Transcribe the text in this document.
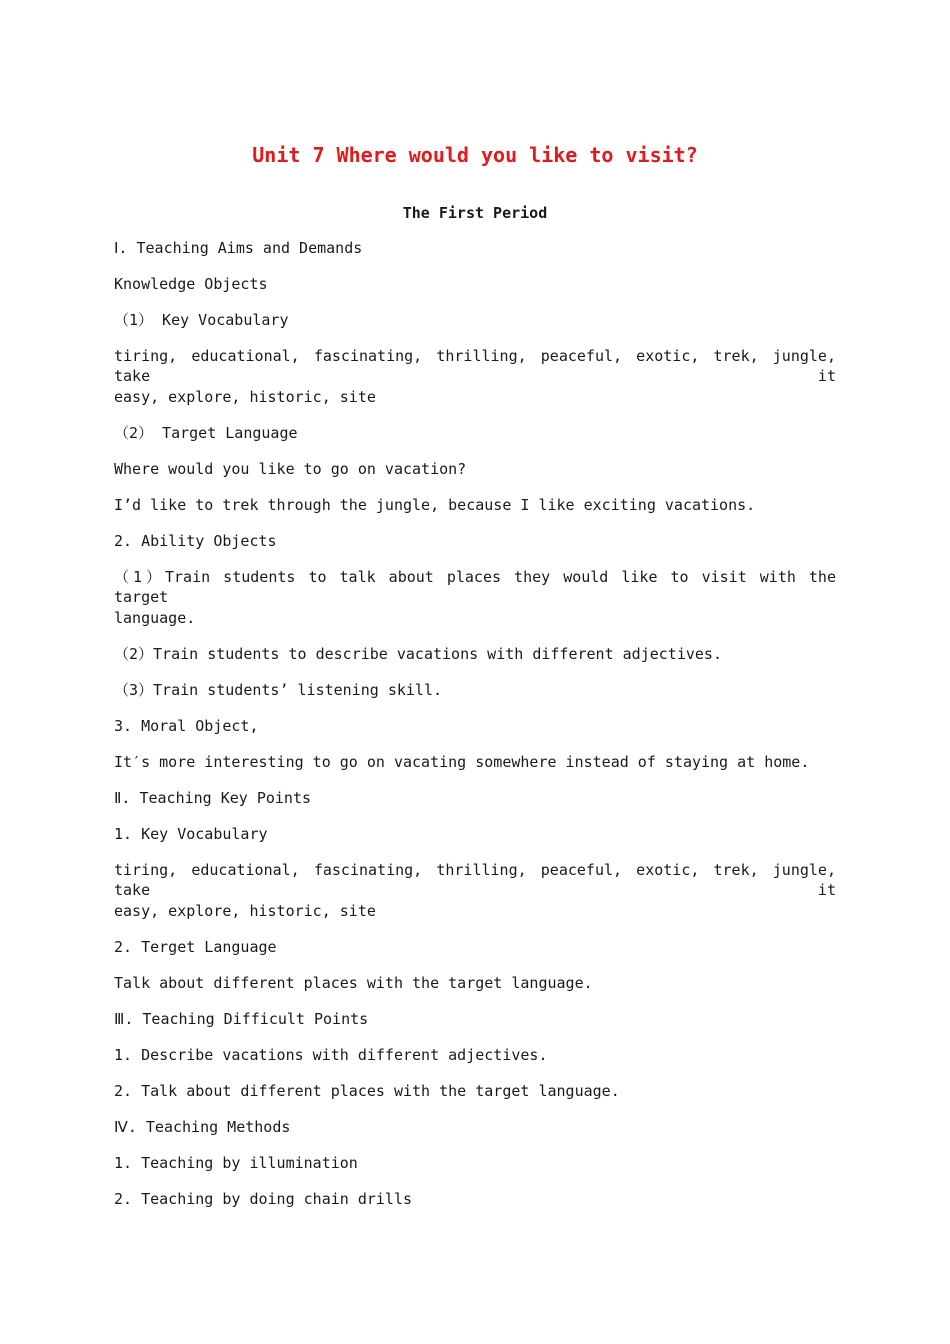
Unit 7 Where would you like to visit?
The First Period
Ⅰ. Teaching Aims and Demands
Knowledge Objects
（1） Key Vocabulary
tiring, educational, fascinating, thrilling, peaceful, exotic, trek, jungle, take it
easy, explore, historic, site
（2） Target Language
Where would you like to go on vacation?
I’d like to trek through the jungle, because I like exciting vacations.
2. Ability Objects
（1）Train students to talk about places they would like to visit with the target
language.
（2）Train students to describe vacations with different adjectives.
（3）Train students’ listening skill.
3. Moral Object,
It′s more interesting to go on vacating somewhere instead of staying at home.
Ⅱ. Teaching Key Points
1. Key Vocabulary
tiring, educational, fascinating, thrilling, peaceful, exotic, trek, jungle, take it
easy, explore, historic, site
2. Terget Language
Talk about different places with the target language.
Ⅲ. Teaching Difficult Points
1. Describe vacations with different adjectives.
2. Talk about different places with the target language.
Ⅳ. Teaching Methods
1. Teaching by illumination
2. Teaching by doing chain drills
